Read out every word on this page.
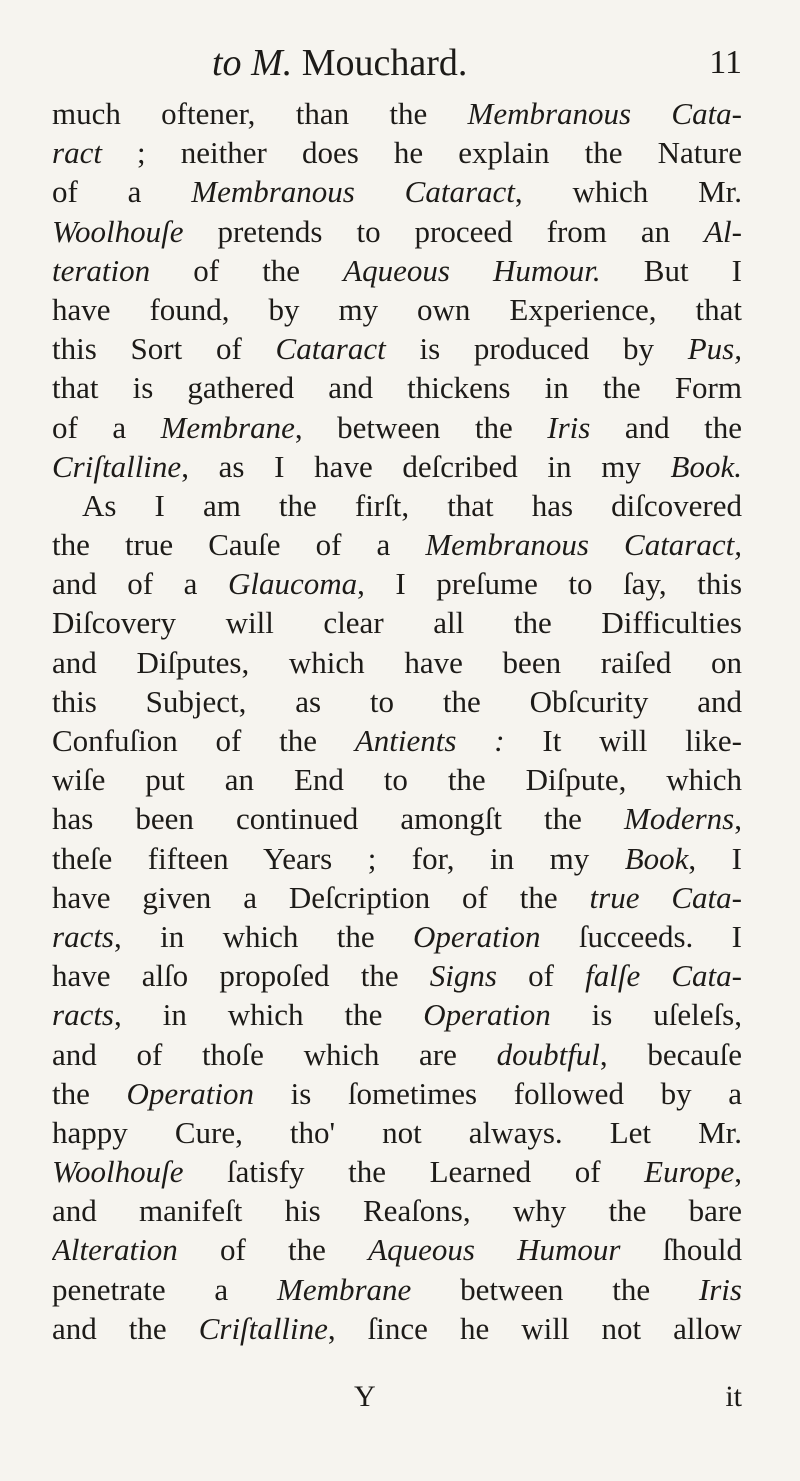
to M. Mouchard.	11
much oftener, than the Membranous Cata-
ract ; neither does he explain the Nature
of a Membranous Cataract, which Mr.
Woolhouſe pretends to proceed from an Al-
teration of the Aqueous Humour. But I
have found, by my own Experience, that
this Sort of Cataract is produced by Pus,
that is gathered and thickens in the Form
of a Membrane, between the Iris and the
Criſtalline, as I have deſcribed in my Book.
As I am the firſt, that has diſcovered
the true Cauſe of a Membranous Cataract,
and of a Glaucoma, I preſume to ſay, this
Diſcovery will clear all the Difficulties
and Diſputes, which have been raiſed on
this Subject, as to the Obſcurity and
Confuſion of the Antients : It will like-
wiſe put an End to the Diſpute, which
has been continued amongſt the Moderns,
theſe fifteen Years ; for, in my Book, I
have given a Deſcription of the true Cata-
racts, in which the Operation ſucceeds. I
have alſo propoſed the Signs of falſe Cata-
racts, in which the Operation is uſeleſs,
and of thoſe which are doubtful, becauſe
the Operation is ſometimes followed by a
happy Cure, tho' not always. Let Mr.
Woolhouſe ſatisfy the Learned of Europe,
and manifeſt his Reaſons, why the bare
Alteration of the Aqueous Humour ſhould
penetrate a Membrane between the Iris
and the Criſtalline, ſince he will not allow
Y	it
